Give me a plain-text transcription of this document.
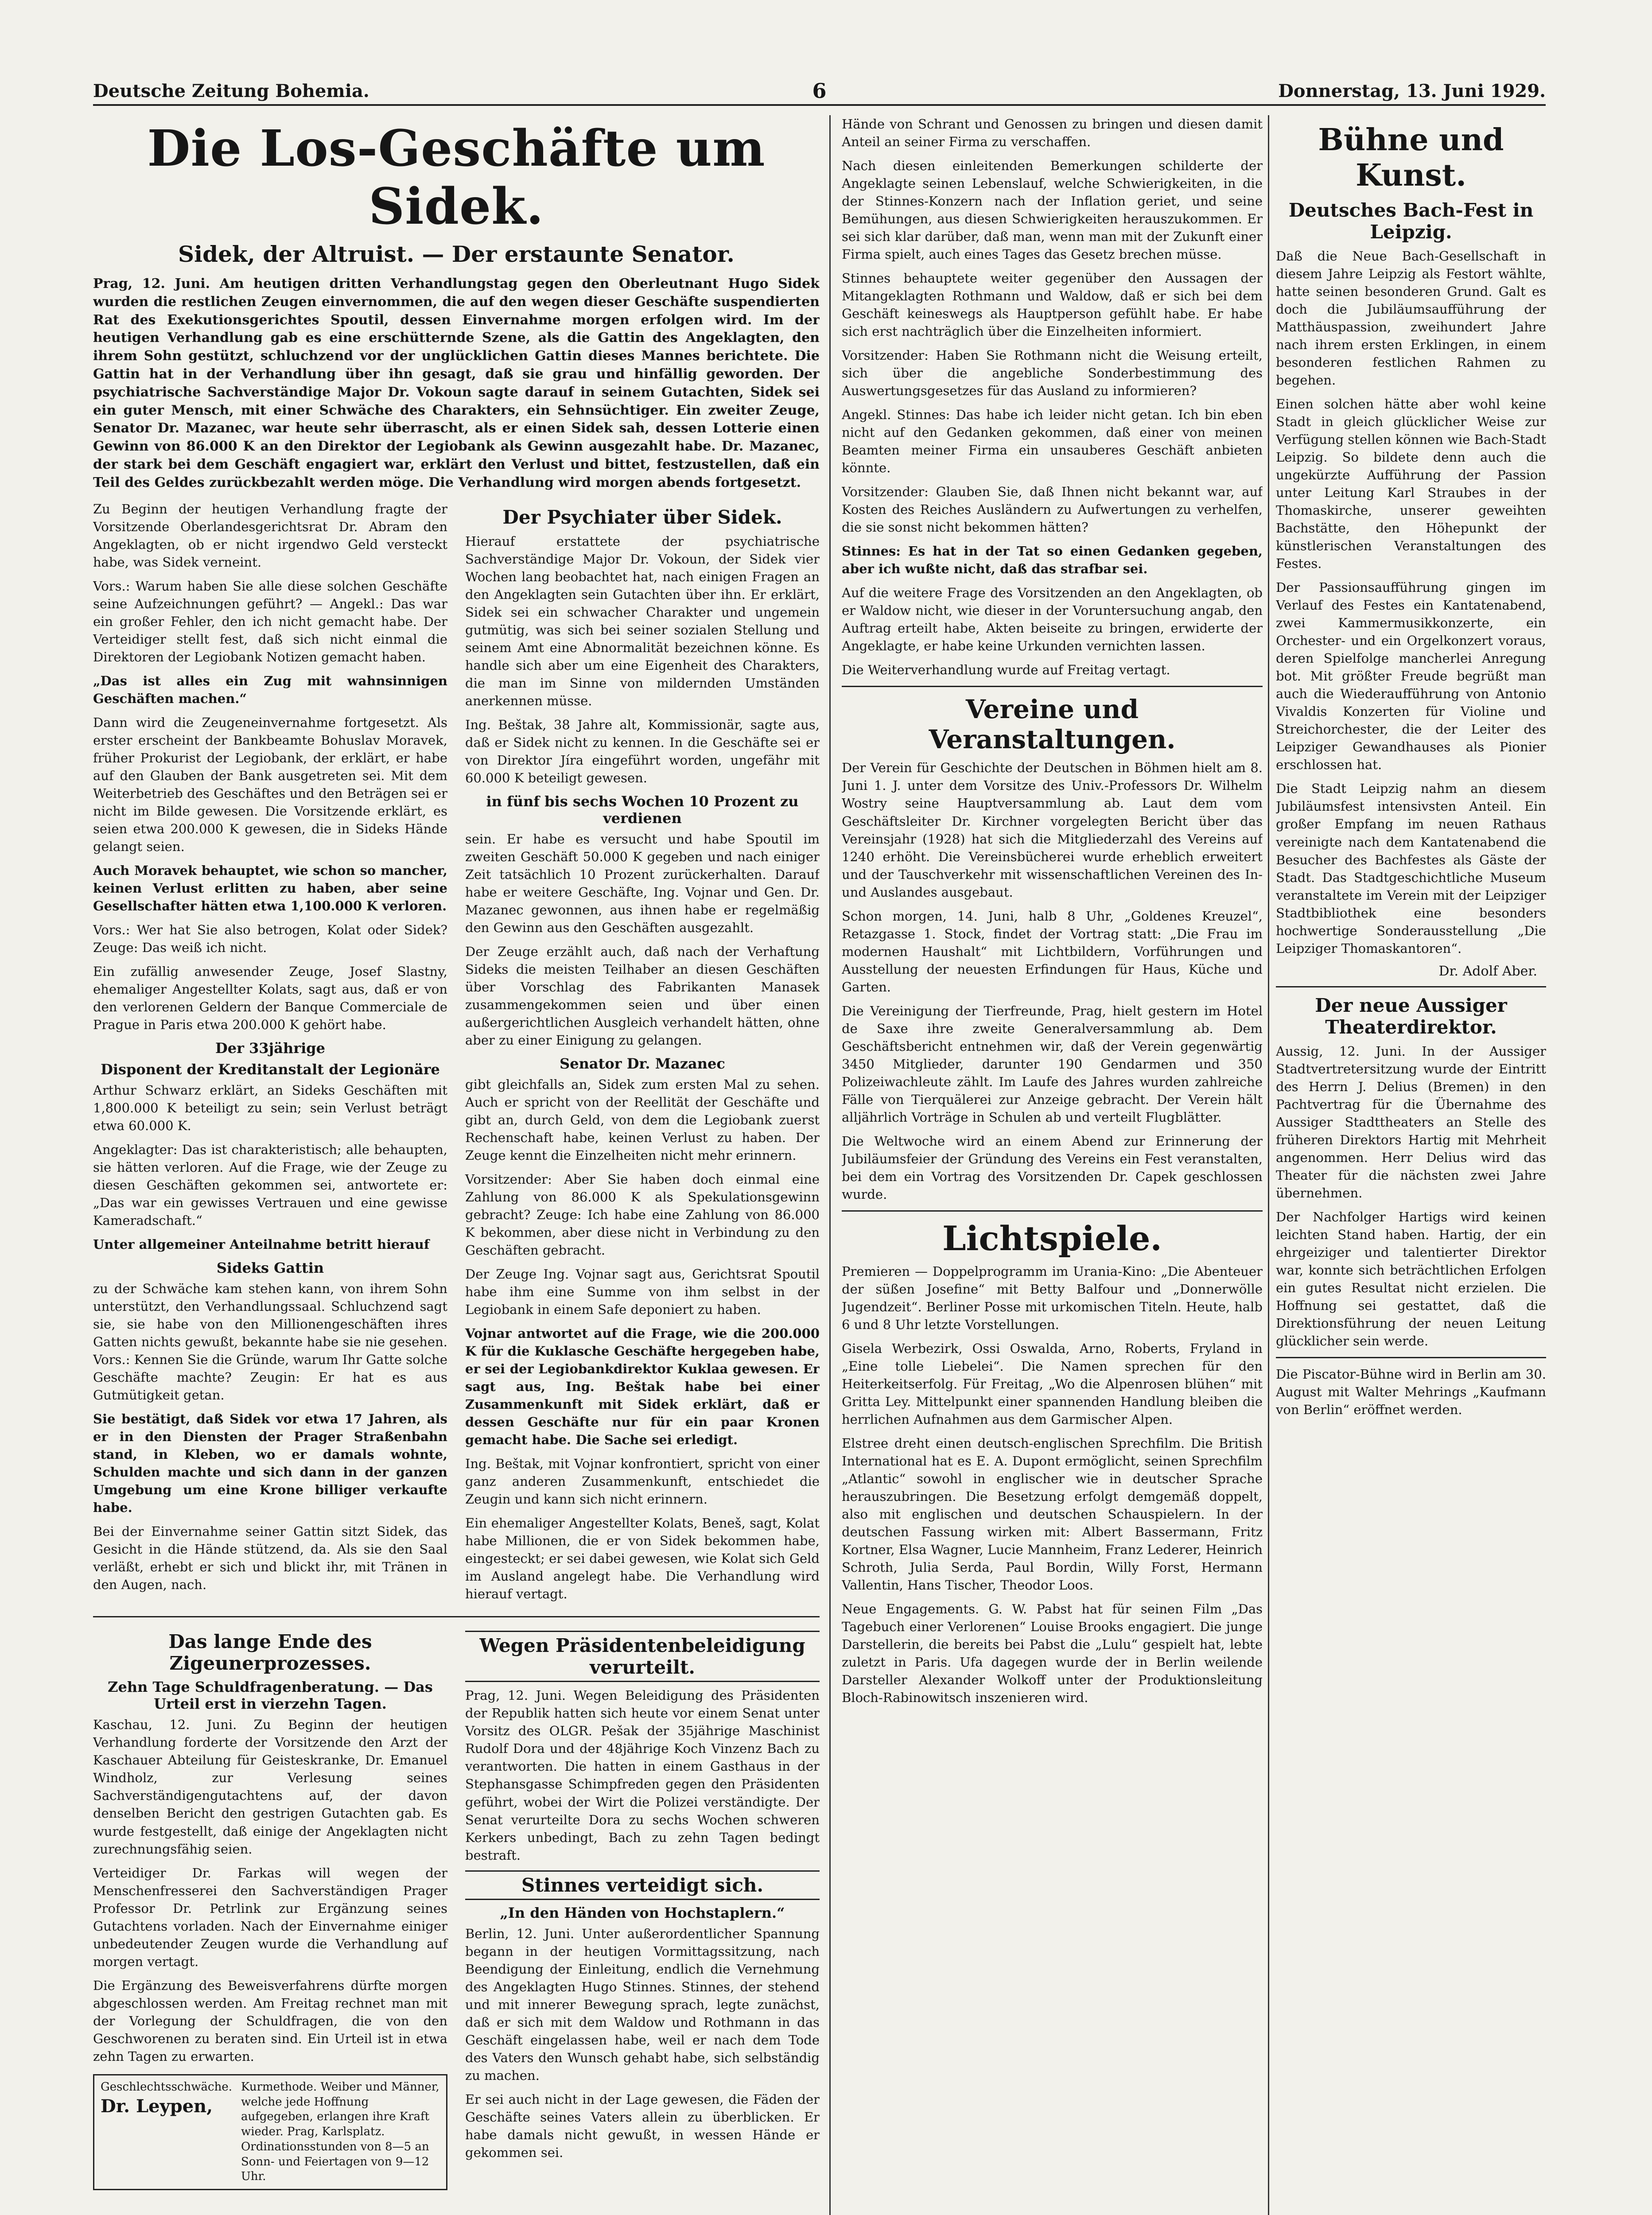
Deutsche Zeitung Bohemia.	6	Donnerstag, 13. Juni 1929.
Die Los-Geschäfte um Sidek.
Sidek, der Altruist. — Der erstaunte Senator.

Prag, 12. Juni. Am heutigen dritten Verhandlungstag gegen den Oberleutnant Hugo Sidek wurden die restlichen Zeugen einvernommen, die auf den wegen dieser Geschäfte suspendierten Rat des Exekutionsgerichtes Spoutil, dessen Einvernahme morgen erfolgen wird. Im der heutigen Verhandlung gab es eine erschütternde Szene, als die Gattin des Angeklagten, den ihrem Sohn gestützt, schluchzend vor der unglücklichen Gattin dieses Mannes berichtete. Die Gattin hat in der Verhandlung über ihn gesagt, daß sie grau und hinfällig geworden. Der psychiatrische Sachverständige Major Dr. Vokoun sagte darauf in seinem Gutachten, Sidek sei ein guter Mensch, mit einer Schwäche des Charakters, ein Sehnsüchtiger. Ein zweiter Zeuge, Senator Dr. Mazanec, war heute sehr überrascht, als er einen Sidek sah, dessen Lotterie einen Gewinn von 86.000 K an den Direktor der Legiobank als Gewinn ausgezahlt habe. Dr. Mazanec, der stark bei dem Geschäft engagiert war, erklärt den Verlust und bittet, festzustellen, daß ein Teil des Geldes zurückbezahlt werden möge. Die Verhandlung wird morgen abends fortgesetzt.

Zu Beginn der heutigen Verhandlung fragte der Vorsitzende Oberlandesgerichtsrat Dr. Abram den Angeklagten, ob er nicht irgendwo Geld versteckt habe, was Sidek verneint.

Vors.: Warum haben Sie alle diese solchen Geschäfte seine Aufzeichnungen geführt? — Angekl.: Das war ein großer Fehler, den ich nicht gemacht habe. Der Verteidiger stellt fest, daß sich nicht einmal die Direktoren der Legiobank Notizen gemacht haben.

„Das ist alles ein Zug mit wahnsinnigen Geschäften machen.“

Dann wird die Zeugeneinvernahme fortgesetzt. Als erster erscheint der Bankbeamte Bohuslav Moravek, früher Prokurist der Legiobank, der erklärt, er habe auf den Glauben der Bank ausgetreten sei. Mit dem Weiterbetrieb des Geschäftes und den Beträgen sei er nicht im Bilde gewesen. Die Vorsitzende erklärt, es seien etwa 200.000 K gewesen, die in Sideks Hände gelangt seien.

Auch Moravek behauptet, wie schon so mancher, keinen Verlust erlitten zu haben, aber seine Gesellschafter hätten etwa 1,100.000 K verloren.

Vors.: Wer hat Sie also betrogen, Kolat oder Sidek? Zeuge: Das weiß ich nicht.

Ein zufällig anwesender Zeuge, Josef Slastny, ehemaliger Angestellter Kolats, sagt aus, daß er von den verlorenen Geldern der Banque Commerciale de Prague in Paris etwa 200.000 K gehört habe.

Der 33jährige
Disponent der Kreditanstalt der Legionäre

Arthur Schwarz erklärt, an Sideks Geschäften mit 1,800.000 K beteiligt zu sein; sein Verlust beträgt etwa 60.000 K.

Angeklagter: Das ist charakteristisch; alle behaupten, sie hätten verloren. Auf die Frage, wie der Zeuge zu diesen Geschäften gekommen sei, antwortete er: „Das war ein gewisses Vertrauen und eine gewisse Kameradschaft.“

Unter allgemeiner Anteilnahme betritt hierauf

Sideks Gattin

zu der Schwäche kam stehen kann, von ihrem Sohn unterstützt, den Verhandlungssaal. Schluchzend sagt sie, sie habe von den Millionengeschäften ihres Gatten nichts gewußt, bekannte habe sie nie gesehen. Vors.: Kennen Sie die Gründe, warum Ihr Gatte solche Geschäfte machte? Zeugin: Er hat es aus Gutmütigkeit getan.

Sie bestätigt, daß Sidek vor etwa 17 Jahren, als er in den Diensten der Prager Straßenbahn stand, in Kleben, wo er damals wohnte, Schulden machte und sich dann in der ganzen Umgebung um eine Krone billiger verkaufte habe.

Bei der Einvernahme seiner Gattin sitzt Sidek, das Gesicht in die Hände stützend, da. Als sie den Saal verläßt, erhebt er sich und blickt ihr, mit Tränen in den Augen, nach.

Der Psychiater über Sidek.

Hierauf erstattete der psychiatrische Sachverständige Major Dr. Vokoun, der Sidek vier Wochen lang beobachtet hat, nach einigen Fragen an den Angeklagten sein Gutachten über ihn. Er erklärt, Sidek sei ein schwacher Charakter und ungemein gutmütig, was sich bei seiner sozialen Stellung und seinem Amt eine Abnormalität bezeichnen könne. Es handle sich aber um eine Eigenheit des Charakters, die man im Sinne von mildernden Umständen anerkennen müsse.

Ing. Beštak, 38 Jahre alt, Kommissionär, sagte aus, daß er Sidek nicht zu kennen. In die Geschäfte sei er von Direktor Jíra eingeführt worden, ungefähr mit 60.000 K beteiligt gewesen.

in fünf bis sechs Wochen 10 Prozent zu verdienen

sein. Er habe es versucht und habe Spoutil im zweiten Geschäft 50.000 K gegeben und nach einiger Zeit tatsächlich 10 Prozent zurückerhalten. Darauf habe er weitere Geschäfte, Ing. Vojnar und Gen. Dr. Mazanec gewonnen, aus ihnen habe er regelmäßig den Gewinn aus den Geschäften ausgezahlt.

Der Zeuge erzählt auch, daß nach der Verhaftung Sideks die meisten Teilhaber an diesen Geschäften über Vorschlag des Fabrikanten Manasek zusammengekommen seien und über einen außergerichtlichen Ausgleich verhandelt hätten, ohne aber zu einer Einigung zu gelangen.

Senator Dr. Mazanec

gibt gleichfalls an, Sidek zum ersten Mal zu sehen. Auch er spricht von der Reellität der Geschäfte und gibt an, durch Geld, von dem die Legiobank zuerst Rechenschaft habe, keinen Verlust zu haben. Der Zeuge kennt die Einzelheiten nicht mehr erinnern.

Vorsitzender: Aber Sie haben doch einmal eine Zahlung von 86.000 K als Spekulationsgewinn gebracht? Zeuge: Ich habe eine Zahlung von 86.000 K bekommen, aber diese nicht in Verbindung zu den Geschäften gebracht.

Der Zeuge Ing. Vojnar sagt aus, Gerichtsrat Spoutil habe ihm eine Summe von ihm selbst in der Legiobank in einem Safe deponiert zu haben.

Vojnar antwortet auf die Frage, wie die 200.000 K für die Kuklasche Geschäfte hergegeben habe, er sei der Legiobankdirektor Kuklaa gewesen. Er sagt aus, Ing. Beštak habe bei einer Zusammenkunft mit Sidek erklärt, daß er dessen Geschäfte nur für ein paar Kronen gemacht habe. Die Sache sei erledigt.

Ing. Beštak, mit Vojnar konfrontiert, spricht von einer ganz anderen Zusammenkunft, entschiedet die Zeugin und kann sich nicht erinnern.

Ein ehemaliger Angestellter Kolats, Beneš, sagt, Kolat habe Millionen, die er von Sidek bekommen habe, eingesteckt; er sei dabei gewesen, wie Kolat sich Geld im Ausland angelegt habe. Die Verhandlung wird hierauf vertagt.

Das lange Ende des Zigeunerprozesses.
Zehn Tage Schuldfragenberatung. — Das Urteil erst in vierzehn Tagen.

Kaschau, 12. Juni. Zu Beginn der heutigen Verhandlung forderte der Vorsitzende den Arzt der Kaschauer Abteilung für Geisteskranke, Dr. Emanuel Windholz, zur Verlesung seines Sachverständigengutachtens auf, der davon denselben Bericht den gestrigen Gutachten gab. Es wurde festgestellt, daß einige der Angeklagten nicht zurechnungsfähig seien.

Verteidiger Dr. Farkas will wegen der Menschenfresserei den Sachverständigen Prager Professor Dr. Petrlink zur Ergänzung seines Gutachtens vorladen. Nach der Einvernahme einiger unbedeutender Zeugen wurde die Verhandlung auf morgen vertagt.

Die Ergänzung des Beweisverfahrens dürfte morgen abgeschlossen werden. Am Freitag rechnet man mit der Vorlegung der Schuldfragen, die von den Geschworenen zu beraten sind. Ein Urteil ist in etwa zehn Tagen zu erwarten.

Geschlechtsschwäche.
Dr. Leypen,
Kurmethode. Weiber und Männer, welche jede Hoffnung aufgegeben, erlangen ihre Kraft wieder. Prag, Karlsplatz. Ordinationsstunden von 8—5 an Sonn- und Feiertagen von 9—12 Uhr.
Wegen Präsidentenbeleidigung verurteilt.

Prag, 12. Juni. Wegen Beleidigung des Präsidenten der Republik hatten sich heute vor einem Senat unter Vorsitz des OLGR. Pešak der 35jährige Maschinist Rudolf Dora und der 48jährige Koch Vinzenz Bach zu verantworten. Die hatten in einem Gasthaus in der Stephansgasse Schimpfreden gegen den Präsidenten geführt, wobei der Wirt die Polizei verständigte. Der Senat verurteilte Dora zu sechs Wochen schweren Kerkers unbedingt, Bach zu zehn Tagen bedingt bestraft.

Stinnes verteidigt sich.
„In den Händen von Hochstaplern.“

Berlin, 12. Juni. Unter außerordentlicher Spannung begann in der heutigen Vormittagssitzung, nach Beendigung der Einleitung, endlich die Vernehmung des Angeklagten Hugo Stinnes. Stinnes, der stehend und mit innerer Bewegung sprach, legte zunächst, daß er sich mit dem Waldow und Rothmann in das Geschäft eingelassen habe, weil er nach dem Tode des Vaters den Wunsch gehabt habe, sich selbständig zu machen.

Er sei auch nicht in der Lage gewesen, die Fäden der Geschäfte seines Vaters allein zu überblicken. Er habe damals nicht gewußt, in wessen Hände er gekommen sei.

Hände von Schrant und Genossen zu bringen und diesen damit Anteil an seiner Firma zu verschaffen.

Nach diesen einleitenden Bemerkungen schilderte der Angeklagte seinen Lebenslauf, welche Schwierigkeiten, in die der Stinnes-Konzern nach der Inflation geriet, und seine Bemühungen, aus diesen Schwierigkeiten herauszukommen. Er sei sich klar darüber, daß man, wenn man mit der Zukunft einer Firma spielt, auch eines Tages das Gesetz brechen müsse.

Stinnes behauptete weiter gegenüber den Aussagen der Mitangeklagten Rothmann und Waldow, daß er sich bei dem Geschäft keineswegs als Hauptperson gefühlt habe. Er habe sich erst nachträglich über die Einzelheiten informiert.

Vorsitzender: Haben Sie Rothmann nicht die Weisung erteilt, sich über die angebliche Sonderbestimmung des Auswertungsgesetzes für das Ausland zu informieren?

Angekl. Stinnes: Das habe ich leider nicht getan. Ich bin eben nicht auf den Gedanken gekommen, daß einer von meinen Beamten meiner Firma ein unsauberes Geschäft anbieten könnte.

Vorsitzender: Glauben Sie, daß Ihnen nicht bekannt war, auf Kosten des Reiches Ausländern zu Aufwertungen zu verhelfen, die sie sonst nicht bekommen hätten?

Stinnes: Es hat in der Tat so einen Gedanken gegeben, aber ich wußte nicht, daß das strafbar sei.

Auf die weitere Frage des Vorsitzenden an den Angeklagten, ob er Waldow nicht, wie dieser in der Voruntersuchung angab, den Auftrag erteilt habe, Akten beiseite zu bringen, erwiderte der Angeklagte, er habe keine Urkunden vernichten lassen.

Die Weiterverhandlung wurde auf Freitag vertagt.

Vereine und Veranstaltungen.

Der Verein für Geschichte der Deutschen in Böhmen hielt am 8. Juni 1. J. unter dem Vorsitze des Univ.-Professors Dr. Wilhelm Wostry seine Hauptversammlung ab. Laut dem vom Geschäftsleiter Dr. Kirchner vorgelegten Bericht über das Vereinsjahr (1928) hat sich die Mitgliederzahl des Vereins auf 1240 erhöht. Die Vereinsbücherei wurde erheblich erweitert und der Tauschverkehr mit wissenschaftlichen Vereinen des In- und Auslandes ausgebaut.

Schon morgen, 14. Juni, halb 8 Uhr, „Goldenes Kreuzel“, Retazgasse 1. Stock, findet der Vortrag statt: „Die Frau im modernen Haushalt“ mit Lichtbildern, Vorführungen und Ausstellung der neuesten Erfindungen für Haus, Küche und Garten.

Die Vereinigung der Tierfreunde, Prag, hielt gestern im Hotel de Saxe ihre zweite Generalversammlung ab. Dem Geschäftsbericht entnehmen wir, daß der Verein gegenwärtig 3450 Mitglieder, darunter 190 Gendarmen und 350 Polizeiwachleute zählt. Im Laufe des Jahres wurden zahlreiche Fälle von Tierquälerei zur Anzeige gebracht. Der Verein hält alljährlich Vorträge in Schulen ab und verteilt Flugblätter.

Die Weltwoche wird an einem Abend zur Erinnerung der Jubiläumsfeier der Gründung des Vereins ein Fest veranstalten, bei dem ein Vortrag des Vorsitzenden Dr. Capek geschlossen wurde.

Lichtspiele.

Premieren — Doppelprogramm im Urania-Kino: „Die Abenteuer der süßen Josefine“ mit Betty Balfour und „Donnerwölle Jugendzeit“. Berliner Posse mit urkomischen Titeln. Heute, halb 6 und 8 Uhr letzte Vorstellungen.

Gisela Werbezirk, Ossi Oswalda, Arno, Roberts, Fryland in „Eine tolle Liebelei“. Die Namen sprechen für den Heiterkeitserfolg. Für Freitag, „Wo die Alpenrosen blühen“ mit Gritta Ley. Mittelpunkt einer spannenden Handlung bleiben die herrlichen Aufnahmen aus dem Garmischer Alpen.

Elstree dreht einen deutsch-englischen Sprechfilm. Die British International hat es E. A. Dupont ermöglicht, seinen Sprechfilm „Atlantic“ sowohl in englischer wie in deutscher Sprache herauszubringen. Die Besetzung erfolgt demgemäß doppelt, also mit englischen und deutschen Schauspielern. In der deutschen Fassung wirken mit: Albert Bassermann, Fritz Kortner, Elsa Wagner, Lucie Mannheim, Franz Lederer, Heinrich Schroth, Julia Serda, Paul Bordin, Willy Forst, Hermann Vallentin, Hans Tischer, Theodor Loos.

Neue Engagements. G. W. Pabst hat für seinen Film „Das Tagebuch einer Verlorenen“ Louise Brooks engagiert. Die junge Darstellerin, die bereits bei Pabst die „Lulu“ gespielt hat, lebte zuletzt in Paris. Ufa dagegen wurde der in Berlin weilende Darsteller Alexander Wolkoff unter der Produktionsleitung Bloch-Rabinowitsch inszenieren wird.

Bühne und Kunst.
Deutsches Bach-Fest in Leipzig.

Daß die Neue Bach-Gesellschaft in diesem Jahre Leipzig als Festort wählte, hatte seinen besonderen Grund. Galt es doch die Jubiläumsaufführung der Matthäuspassion, zweihundert Jahre nach ihrem ersten Erklingen, in einem besonderen festlichen Rahmen zu begehen.

Einen solchen hätte aber wohl keine Stadt in gleich glücklicher Weise zur Verfügung stellen können wie Bach-Stadt Leipzig. So bildete denn auch die ungekürzte Aufführung der Passion unter Leitung Karl Straubes in der Thomaskirche, unserer geweihten Bachstätte, den Höhepunkt der künstlerischen Veranstaltungen des Festes.

Der Passionsaufführung gingen im Verlauf des Festes ein Kantatenabend, zwei Kammermusikkonzerte, ein Orchester- und ein Orgelkonzert voraus, deren Spielfolge mancherlei Anregung bot. Mit größter Freude begrüßt man auch die Wiederaufführung von Antonio Vivaldis Konzerten für Violine und Streichorchester, die der Leiter des Leipziger Gewandhauses als Pionier erschlossen hat.

Die Stadt Leipzig nahm an diesem Jubiläumsfest intensivsten Anteil. Ein großer Empfang im neuen Rathaus vereinigte nach dem Kantatenabend die Besucher des Bachfestes als Gäste der Stadt. Das Stadtgeschichtliche Museum veranstaltete im Verein mit der Leipziger Stadtbibliothek eine besonders hochwertige Sonderausstellung „Die Leipziger Thomaskantoren“.

Dr. Adolf Aber.
Der neue Aussiger Theaterdirektor.

Aussig, 12. Juni. In der Aussiger Stadtvertretersitzung wurde der Eintritt des Herrn J. Delius (Bremen) in den Pachtvertrag für die Übernahme des Aussiger Stadttheaters an Stelle des früheren Direktors Hartig mit Mehrheit angenommen. Herr Delius wird das Theater für die nächsten zwei Jahre übernehmen.

Der Nachfolger Hartigs wird keinen leichten Stand haben. Hartig, der ein ehrgeiziger und talentierter Direktor war, konnte sich beträchtlichen Erfolgen ein gutes Resultat nicht erzielen. Die Hoffnung sei gestattet, daß die Direktionsführung der neuen Leitung glücklicher sein werde.

Die Piscator-Bühne wird in Berlin am 30. August mit Walter Mehrings „Kaufmann von Berlin“ eröffnet werden.
